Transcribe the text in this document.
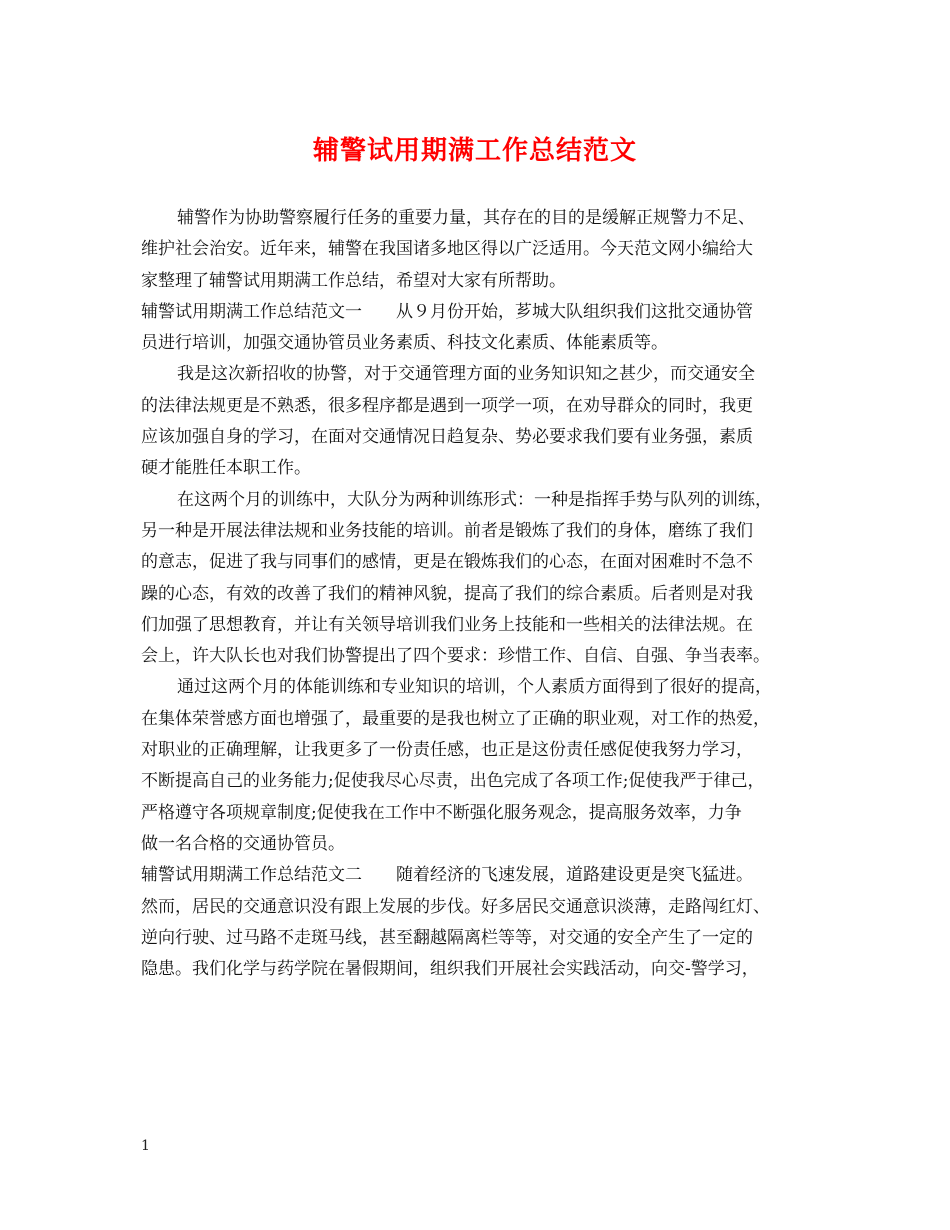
辅警试用期满工作总结范文
辅警作为协助警察履行任务的重要力量，其存在的目的是缓解正规警力不足、
维护社会治安。近年来，辅警在我国诸多地区得以广泛适用。今天范文网小编给大
家整理了辅警试用期满工作总结，希望对大家有所帮助。
辅警试用期满工作总结范文一　　从９月份开始，芗城大队组织我们这批交通协管
员进行培训，加强交通协管员业务素质、科技文化素质、体能素质等。
我是这次新招收的协警，对于交通管理方面的业务知识知之甚少，而交通安全
的法律法规更是不熟悉，很多程序都是遇到一项学一项，在劝导群众的同时，我更
应该加强自身的学习，在面对交通情况日趋复杂、势必要求我们要有业务强，素质
硬才能胜任本职工作。
在这两个月的训练中，大队分为两种训练形式：一种是指挥手势与队列的训练，
另一种是开展法律法规和业务技能的培训。前者是锻炼了我们的身体，磨练了我们
的意志，促进了我与同事们的感情，更是在锻炼我们的心态，在面对困难时不急不
躁的心态，有效的改善了我们的精神风貌，提高了我们的综合素质。后者则是对我
们加强了思想教育，并让有关领导培训我们业务上技能和一些相关的法律法规。在
会上，许大队长也对我们协警提出了四个要求：珍惜工作、自信、自强、争当表率。
通过这两个月的体能训练和专业知识的培训，个人素质方面得到了很好的提高，
在集体荣誉感方面也增强了，最重要的是我也树立了正确的职业观，对工作的热爱，
对职业的正确理解，让我更多了一份责任感，也正是这份责任感促使我努力学习，
不断提高自己的业务能力;促使我尽心尽责，出色完成了各项工作;促使我严于律己，
严格遵守各项规章制度;促使我在工作中不断强化服务观念，提高服务效率，力争
做一名合格的交通协管员。
辅警试用期满工作总结范文二　　随着经济的飞速发展，道路建设更是突飞猛进。
然而，居民的交通意识没有跟上发展的步伐。好多居民交通意识淡薄，走路闯红灯、
逆向行驶、过马路不走斑马线，甚至翻越隔离栏等等，对交通的安全产生了一定的
隐患。我们化学与药学院在暑假期间，组织我们开展社会实践活动，向交-警学习，
1
